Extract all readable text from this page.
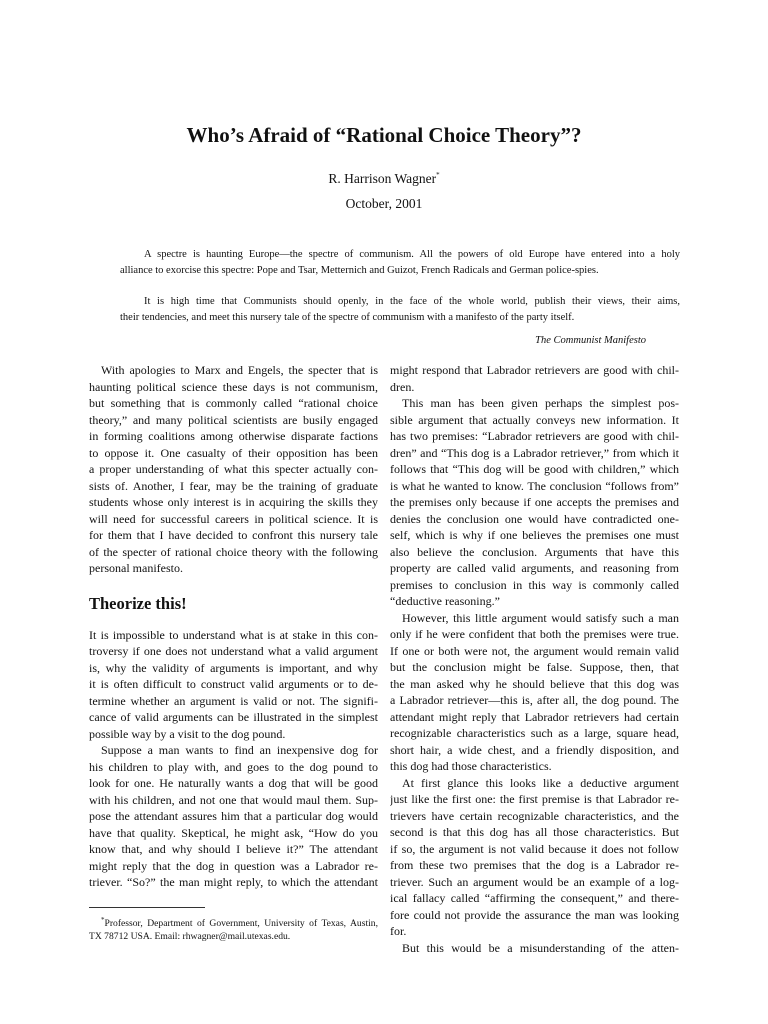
Who’s Afraid of “Rational Choice Theory”?
R. Harrison Wagner*
October, 2001
A spectre is haunting Europe—the spectre of communism. All the powers of old Europe have entered into a holy
alliance to exorcise this spectre: Pope and Tsar, Metternich and Guizot, French Radicals and German police-spies.
It is high time that Communists should openly, in the face of the whole world, publish their views, their aims,
their tendencies, and meet this nursery tale of the spectre of communism with a manifesto of the party itself.
The Communist Manifesto
With apologies to Marx and Engels, the specter that is
haunting political science these days is not communism,
but something that is commonly called “rational choice
theory,” and many political scientists are busily engaged
in forming coalitions among otherwise disparate factions
to oppose it. One casualty of their opposition has been
a proper understanding of what this specter actually con-
sists of. Another, I fear, may be the training of graduate
students whose only interest is in acquiring the skills they
will need for successful careers in political science. It is
for them that I have decided to confront this nursery tale
of the specter of rational choice theory with the following
personal manifesto.
Theorize this!
It is impossible to understand what is at stake in this con-
troversy if one does not understand what a valid argument
is, why the validity of arguments is important, and why
it is often difficult to construct valid arguments or to de-
termine whether an argument is valid or not. The signifi-
cance of valid arguments can be illustrated in the simplest
possible way by a visit to the dog pound.
Suppose a man wants to find an inexpensive dog for
his children to play with, and goes to the dog pound to
look for one. He naturally wants a dog that will be good
with his children, and not one that would maul them. Sup-
pose the attendant assures him that a particular dog would
have that quality. Skeptical, he might ask, “How do you
know that, and why should I believe it?” The attendant
might reply that the dog in question was a Labrador re-
triever. “So?” the man might reply, to which the attendant
*Professor, Department of Government, University of Texas, Austin,
TX 78712 USA. Email: rhwagner@mail.utexas.edu.
might respond that Labrador retrievers are good with chil-
dren.
This man has been given perhaps the simplest pos-
sible argument that actually conveys new information. It
has two premises: “Labrador retrievers are good with chil-
dren” and “This dog is a Labrador retriever,” from which it
follows that “This dog will be good with children,” which
is what he wanted to know. The conclusion “follows from”
the premises only because if one accepts the premises and
denies the conclusion one would have contradicted one-
self, which is why if one believes the premises one must
also believe the conclusion. Arguments that have this
property are called valid arguments, and reasoning from
premises to conclusion in this way is commonly called
“deductive reasoning.”
However, this little argument would satisfy such a man
only if he were confident that both the premises were true.
If one or both were not, the argument would remain valid
but the conclusion might be false. Suppose, then, that
the man asked why he should believe that this dog was
a Labrador retriever—this is, after all, the dog pound. The
attendant might reply that Labrador retrievers had certain
recognizable characteristics such as a large, square head,
short hair, a wide chest, and a friendly disposition, and
this dog had those characteristics.
At first glance this looks like a deductive argument
just like the first one: the first premise is that Labrador re-
trievers have certain recognizable characteristics, and the
second is that this dog has all those characteristics. But
if so, the argument is not valid because it does not follow
from these two premises that the dog is a Labrador re-
triever. Such an argument would be an example of a log-
ical fallacy called “affirming the consequent,” and there-
fore could not provide the assurance the man was looking
for.
But this would be a misunderstanding of the atten-
